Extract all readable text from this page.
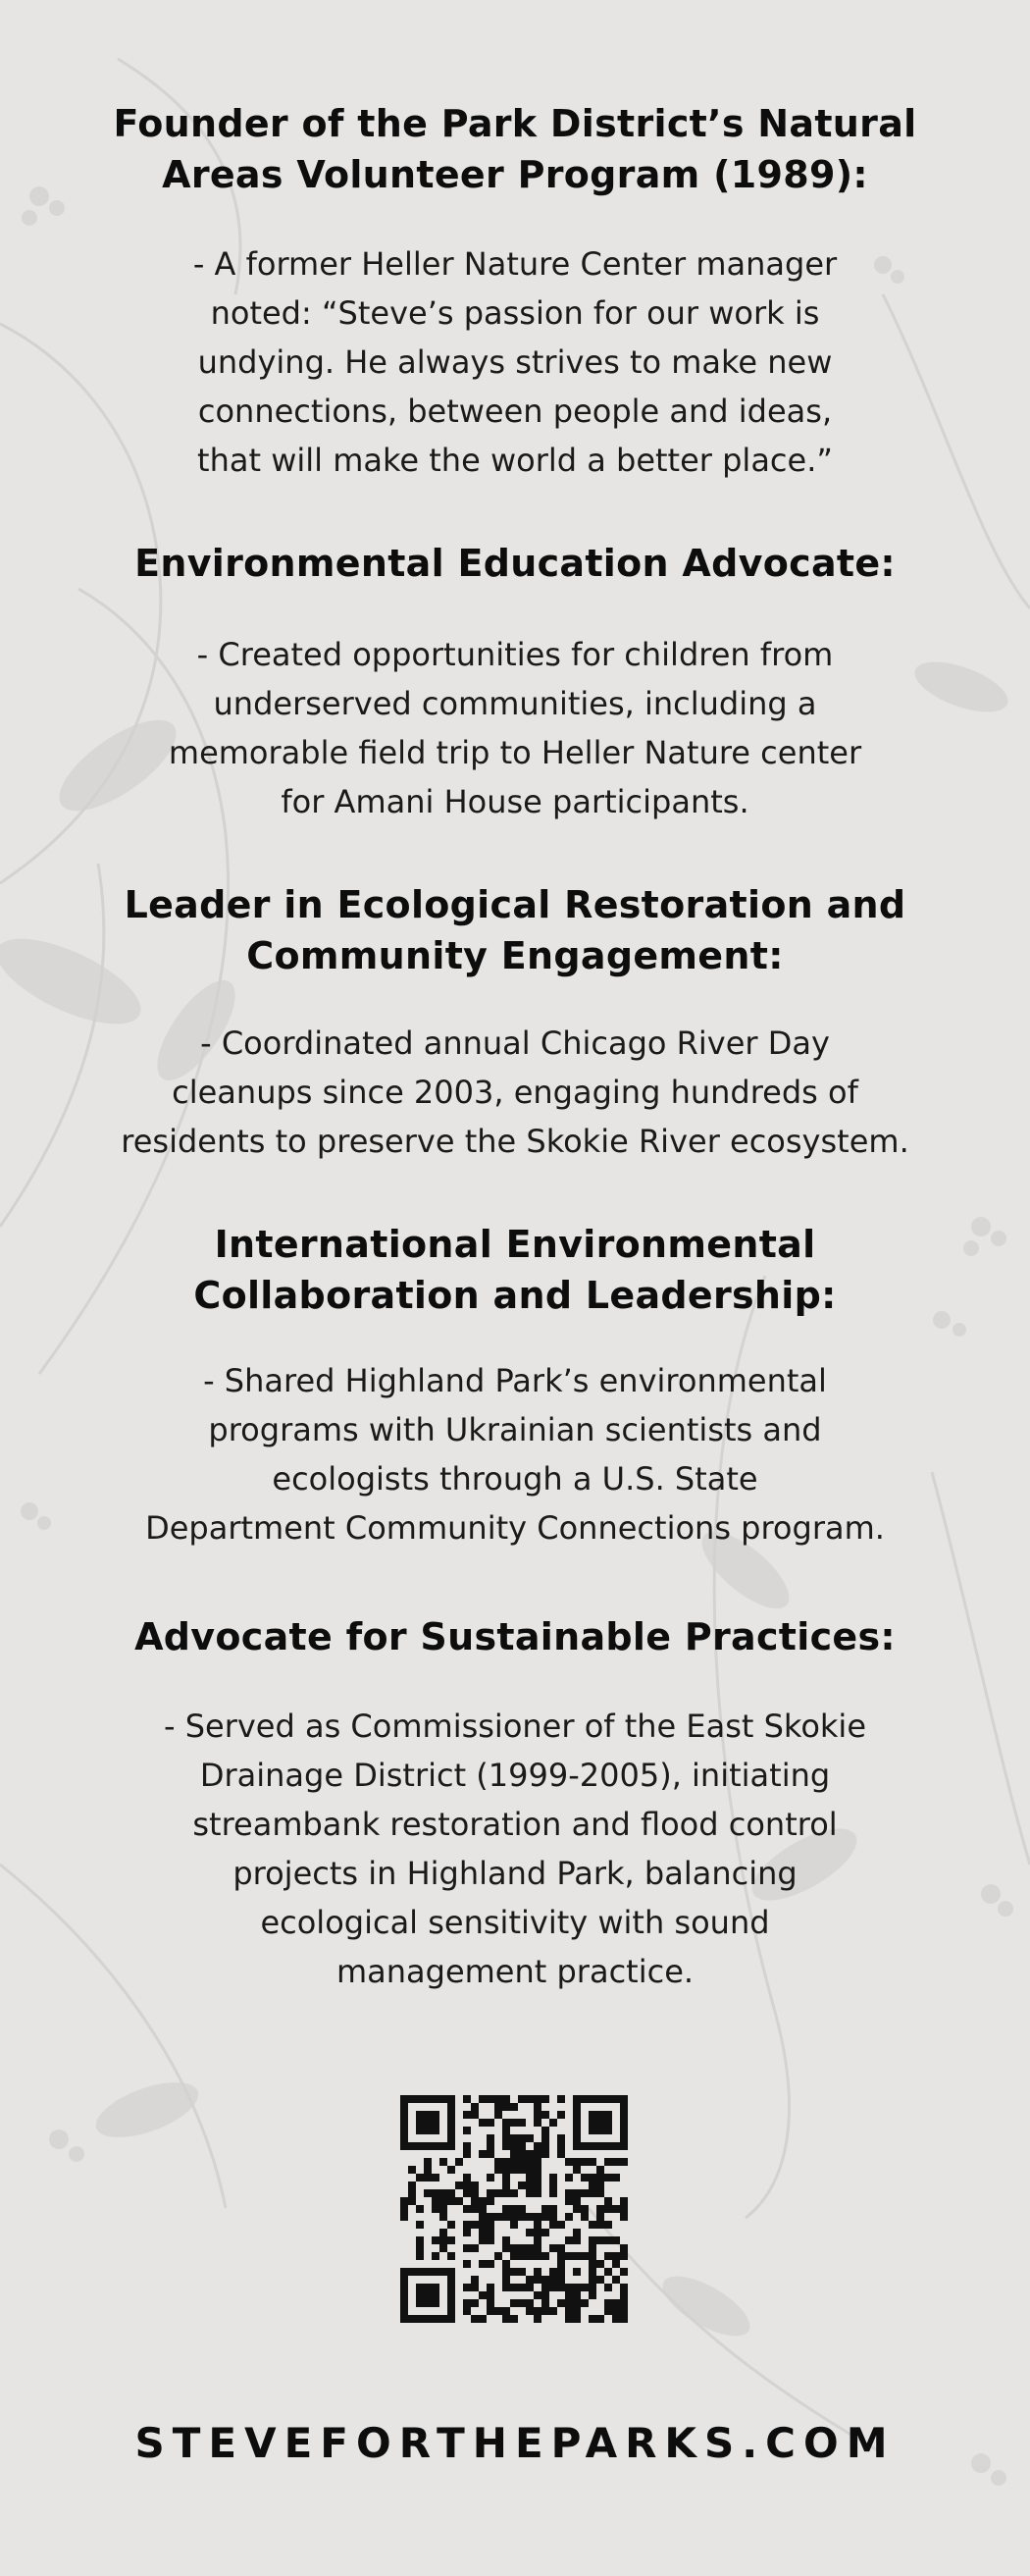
Founder of the Park District’s Natural
Areas Volunteer Program (1989):

- A former Heller Nature Center manager
noted: “Steve’s passion for our work is
undying. He always strives to make new
connections, between people and ideas,
that will make the world a better place.”

Environmental Education Advocate:

- Created opportunities for children from
underserved communities, including a
memorable field trip to Heller Nature center
for Amani House participants.

Leader in Ecological Restoration and
Community Engagement:

- Coordinated annual Chicago River Day
cleanups since 2003, engaging hundreds of
residents to preserve the Skokie River ecosystem.

International Environmental
Collaboration and Leadership:

- Shared Highland Park’s environmental
programs with Ukrainian scientists and
ecologists through a U.S. State
Department Community Connections program.

Advocate for Sustainable Practices:

- Served as Commissioner of the East Skokie
Drainage District (1999-2005), initiating
streambank restoration and flood control
projects in Highland Park, balancing
ecological sensitivity with sound
management practice.

STEVEFORTHEPARKS.COM
